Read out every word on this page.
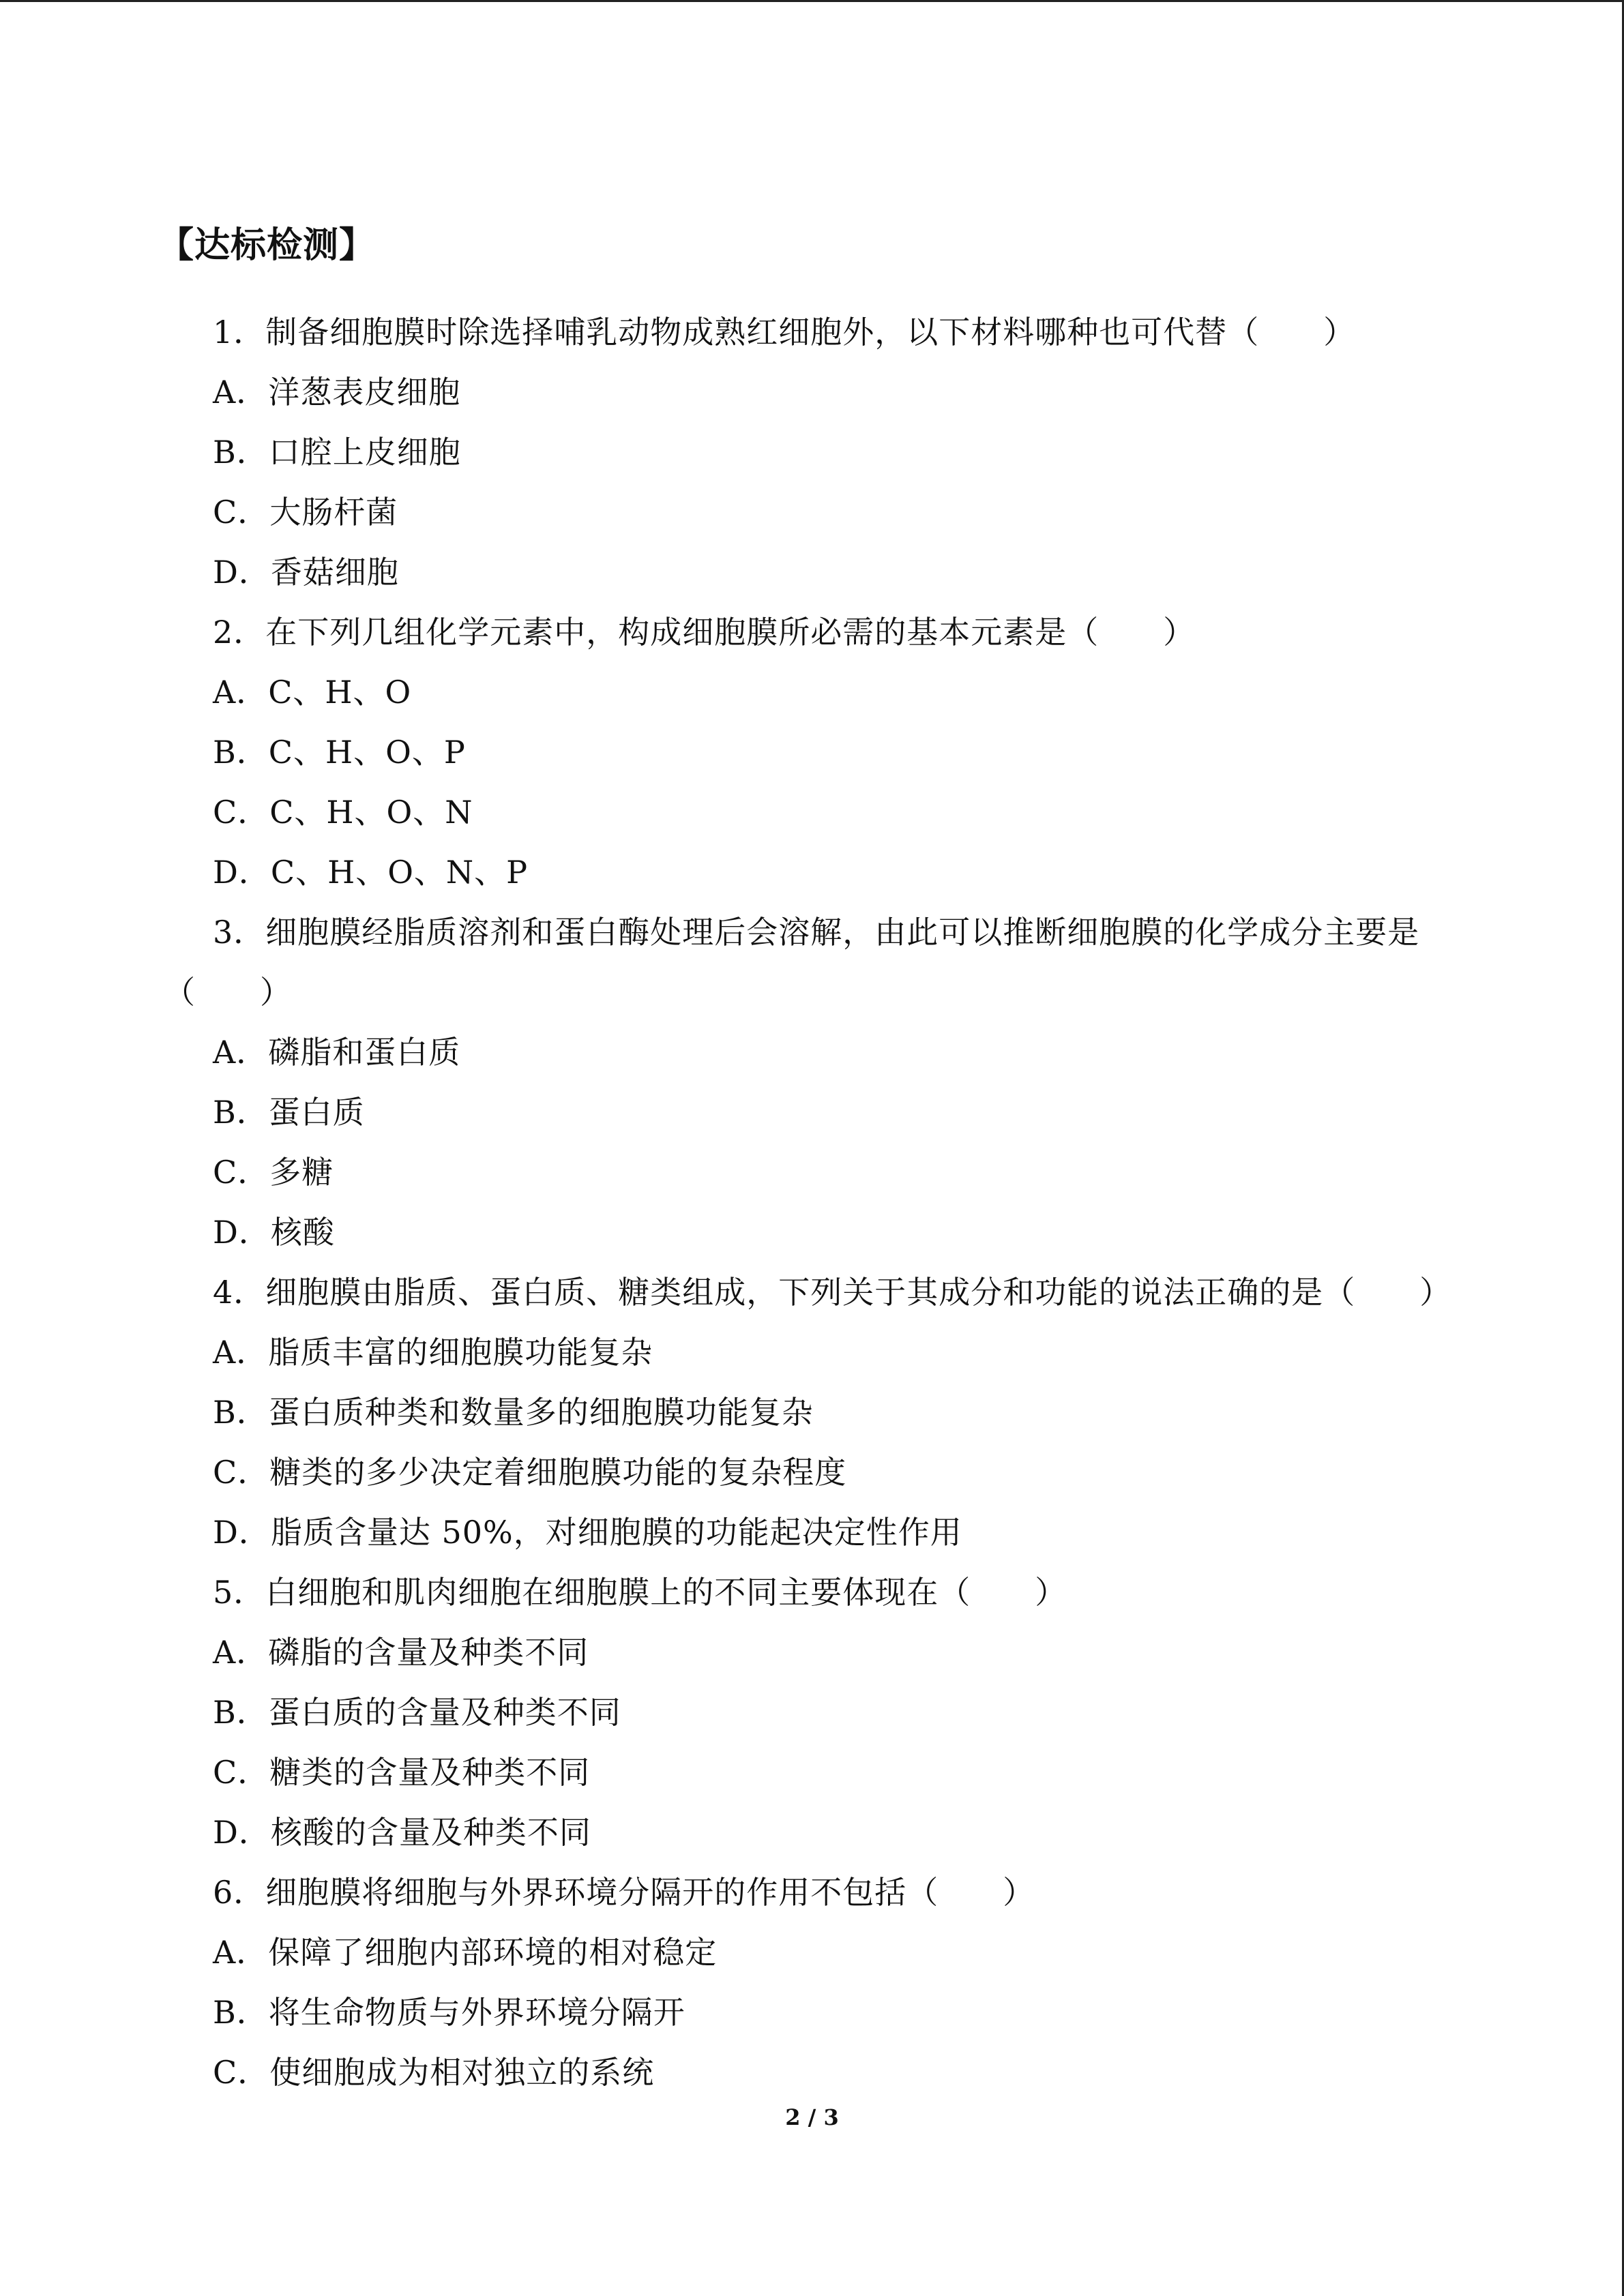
【达标检测】
1．制备细胞膜时除选择哺乳动物成熟红细胞外，以下材料哪种也可代替（　　）
A．洋葱表皮细胞
B．口腔上皮细胞
C．大肠杆菌
D．香菇细胞
2．在下列几组化学元素中，构成细胞膜所必需的基本元素是（　　）
A．C、H、O
B．C、H、O、P
C．C、H、O、N
D．C、H、O、N、P
3．细胞膜经脂质溶剂和蛋白酶处理后会溶解，由此可以推断细胞膜的化学成分主要是
（　　）
A．磷脂和蛋白质
B．蛋白质
C．多糖
D．核酸
4．细胞膜由脂质、蛋白质、糖类组成，下列关于其成分和功能的说法正确的是（　　）
A．脂质丰富的细胞膜功能复杂
B．蛋白质种类和数量多的细胞膜功能复杂
C．糖类的多少决定着细胞膜功能的复杂程度
D．脂质含量达 50%，对细胞膜的功能起决定性作用
5．白细胞和肌肉细胞在细胞膜上的不同主要体现在（　　）
A．磷脂的含量及种类不同
B．蛋白质的含量及种类不同
C．糖类的含量及种类不同
D．核酸的含量及种类不同
6．细胞膜将细胞与外界环境分隔开的作用不包括（　　）
A．保障了细胞内部环境的相对稳定
B．将生命物质与外界环境分隔开
C．使细胞成为相对独立的系统
2 / 3
